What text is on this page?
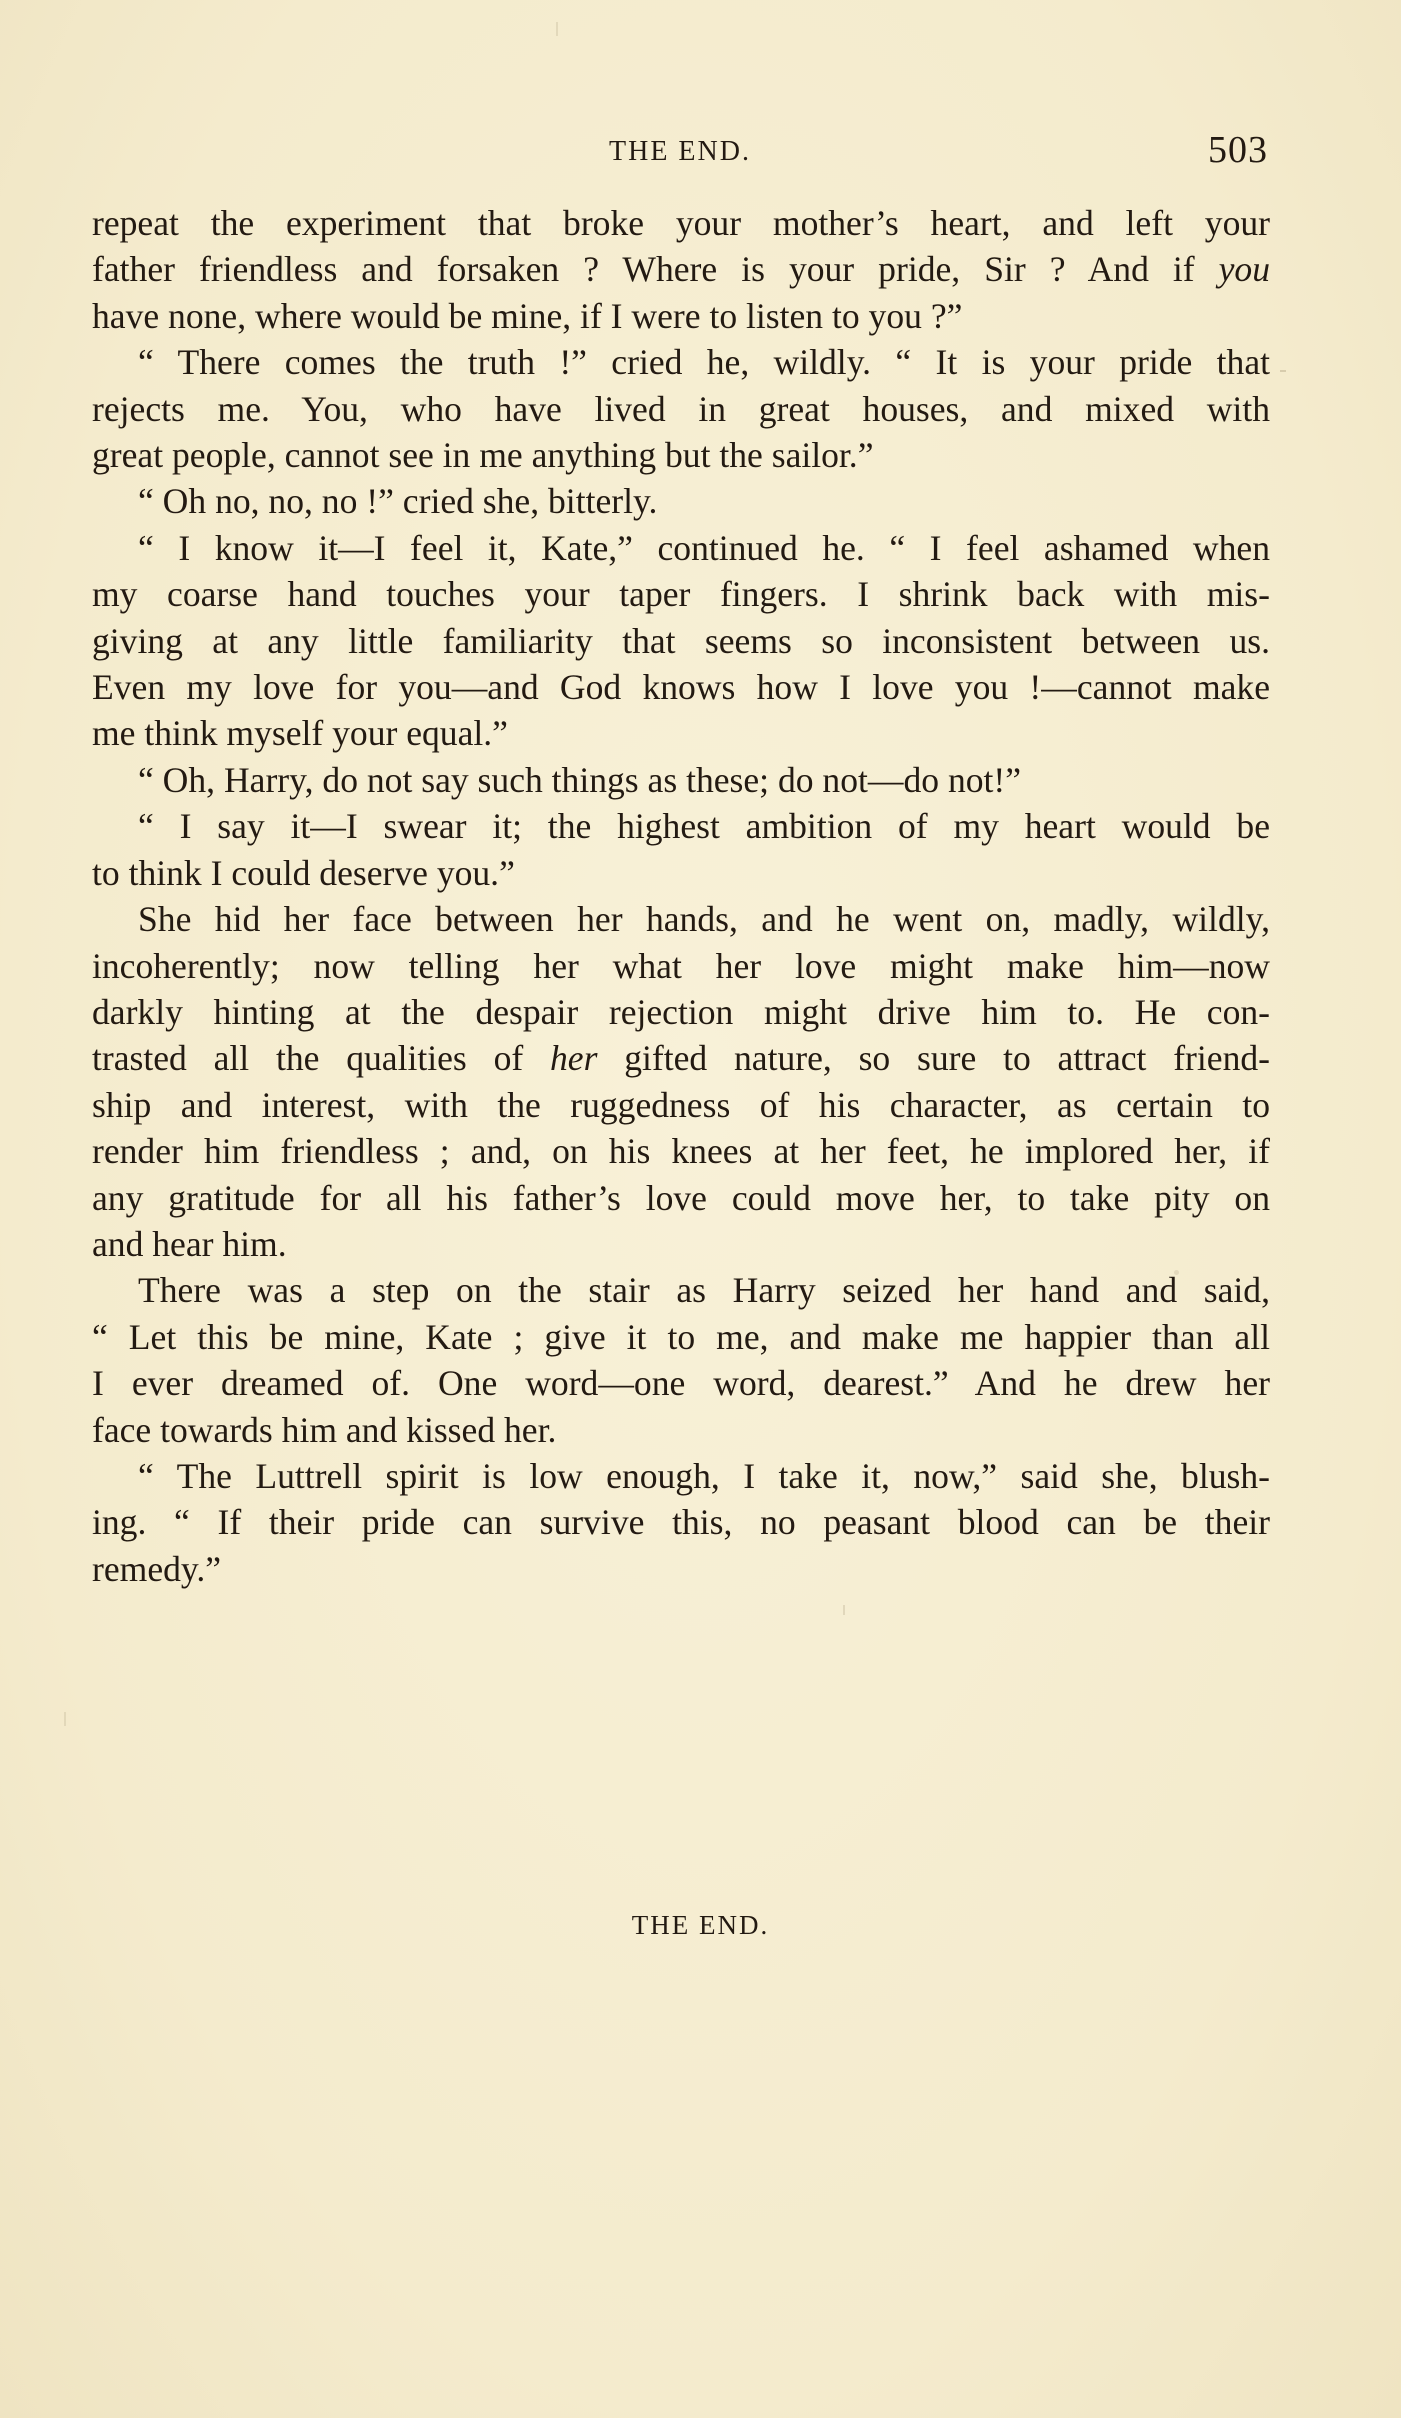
THE END.	503
repeat the experiment that broke your mother’s heart, and left your
father friendless and forsaken ? Where is your pride, Sir ? And if you
have none, where would be mine, if I were to listen to you ?”
“ There comes the truth !” cried he, wildly. “ It is your pride that
rejects me. You, who have lived in great houses, and mixed with
great people, cannot see in me anything but the sailor.”
“ Oh no, no, no !” cried she, bitterly.
“ I know it—I feel it, Kate,” continued he. “ I feel ashamed when
my coarse hand touches your taper fingers. I shrink back with mis-
giving at any little familiarity that seems so inconsistent between us.
Even my love for you—and God knows how I love you !—cannot make
me think myself your equal.”
“ Oh, Harry, do not say such things as these; do not—do not!”
“ I say it—I swear it; the highest ambition of my heart would be
to think I could deserve you.”
She hid her face between her hands, and he went on, madly, wildly,
incoherently; now telling her what her love might make him—now
darkly hinting at the despair rejection might drive him to. He con-
trasted all the qualities of her gifted nature, so sure to attract friend-
ship and interest, with the ruggedness of his character, as certain to
render him friendless ; and, on his knees at her feet, he implored her, if
any gratitude for all his father’s love could move her, to take pity on
and hear him.
There was a step on the stair as Harry seized her hand and said,
“ Let this be mine, Kate ; give it to me, and make me happier than all
I ever dreamed of. One word—one word, dearest.” And he drew her
face towards him and kissed her.
“ The Luttrell spirit is low enough, I take it, now,” said she, blush-
ing. “ If their pride can survive this, no peasant blood can be their
remedy.”
THE END.
